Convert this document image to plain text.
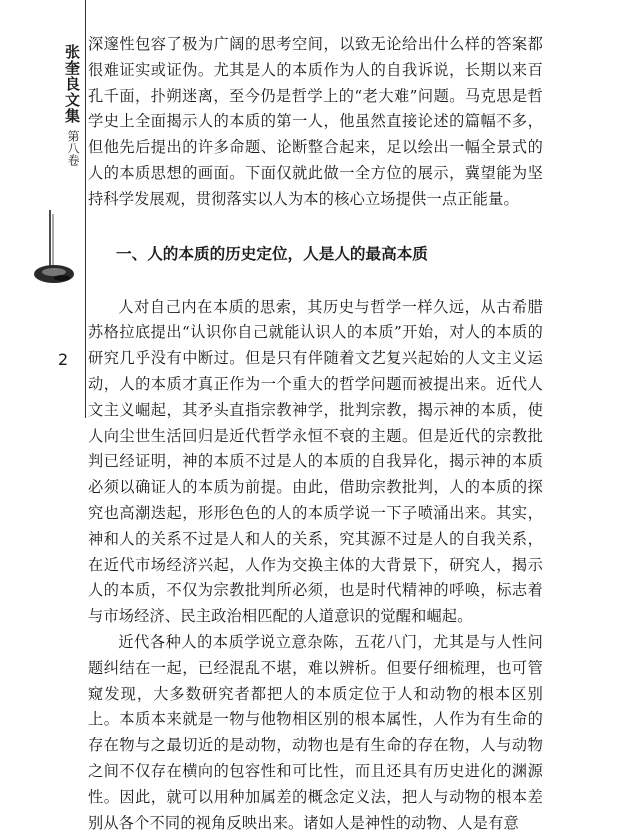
张奎良文集
第八卷
2

深邃性包容了极为广阔的思考空间，以致无论给出什么样的答案都很难证实或证伪。尤其是人的本质作为人的自我诉说，长期以来百孔千面，扑朔迷离，至今仍是哲学上的“老大难”问题。马克思是哲学史上全面揭示人的本质的第一人，他虽然直接论述的篇幅不多，但他先后提出的许多命题、论断整合起来，足以绘出一幅全景式的人的本质思想的画面。下面仅就此做一全方位的展示，冀望能为坚持科学发展观，贯彻落实以人为本的核心立场提供一点正能量。

一、人的本质的历史定位，人是人的最高本质

人对自己内在本质的思索，其历史与哲学一样久远，从古希腊苏格拉底提出“认识你自己就能认识人的本质”开始，对人的本质的研究几乎没有中断过。但是只有伴随着文艺复兴起始的人文主义运动，人的本质才真正作为一个重大的哲学问题而被提出来。近代人文主义崛起，其矛头直指宗教神学，批判宗教，揭示神的本质，使人向尘世生活回归是近代哲学永恒不衰的主题。但是近代的宗教批判已经证明，神的本质不过是人的本质的自我异化，揭示神的本质必须以确证人的本质为前提。由此，借助宗教批判，人的本质的探究也高潮迭起，形形色色的人的本质学说一下子喷涌出来。其实，神和人的关系不过是人和人的关系，究其源不过是人的自我关系，在近代市场经济兴起，人作为交换主体的大背景下，研究人，揭示人的本质，不仅为宗教批判所必须，也是时代精神的呼唤，标志着与市场经济、民主政治相匹配的人道意识的觉醒和崛起。

近代各种人的本质学说立意杂陈，五花八门，尤其是与人性问题纠结在一起，已经混乱不堪，难以辨析。但要仔细梳理，也可管窥发现，大多数研究者都把人的本质定位于人和动物的根本区别上。本质本来就是一物与他物相区别的根本属性，人作为有生命的存在物与之最切近的是动物，动物也是有生命的存在物，人与动物之间不仅存在横向的包容性和可比性，而且还具有历史进化的渊源性。因此，就可以用种加属差的概念定义法，把人与动物的根本差别从各个不同的视角反映出来。诸如人是神性的动物、人是有意
